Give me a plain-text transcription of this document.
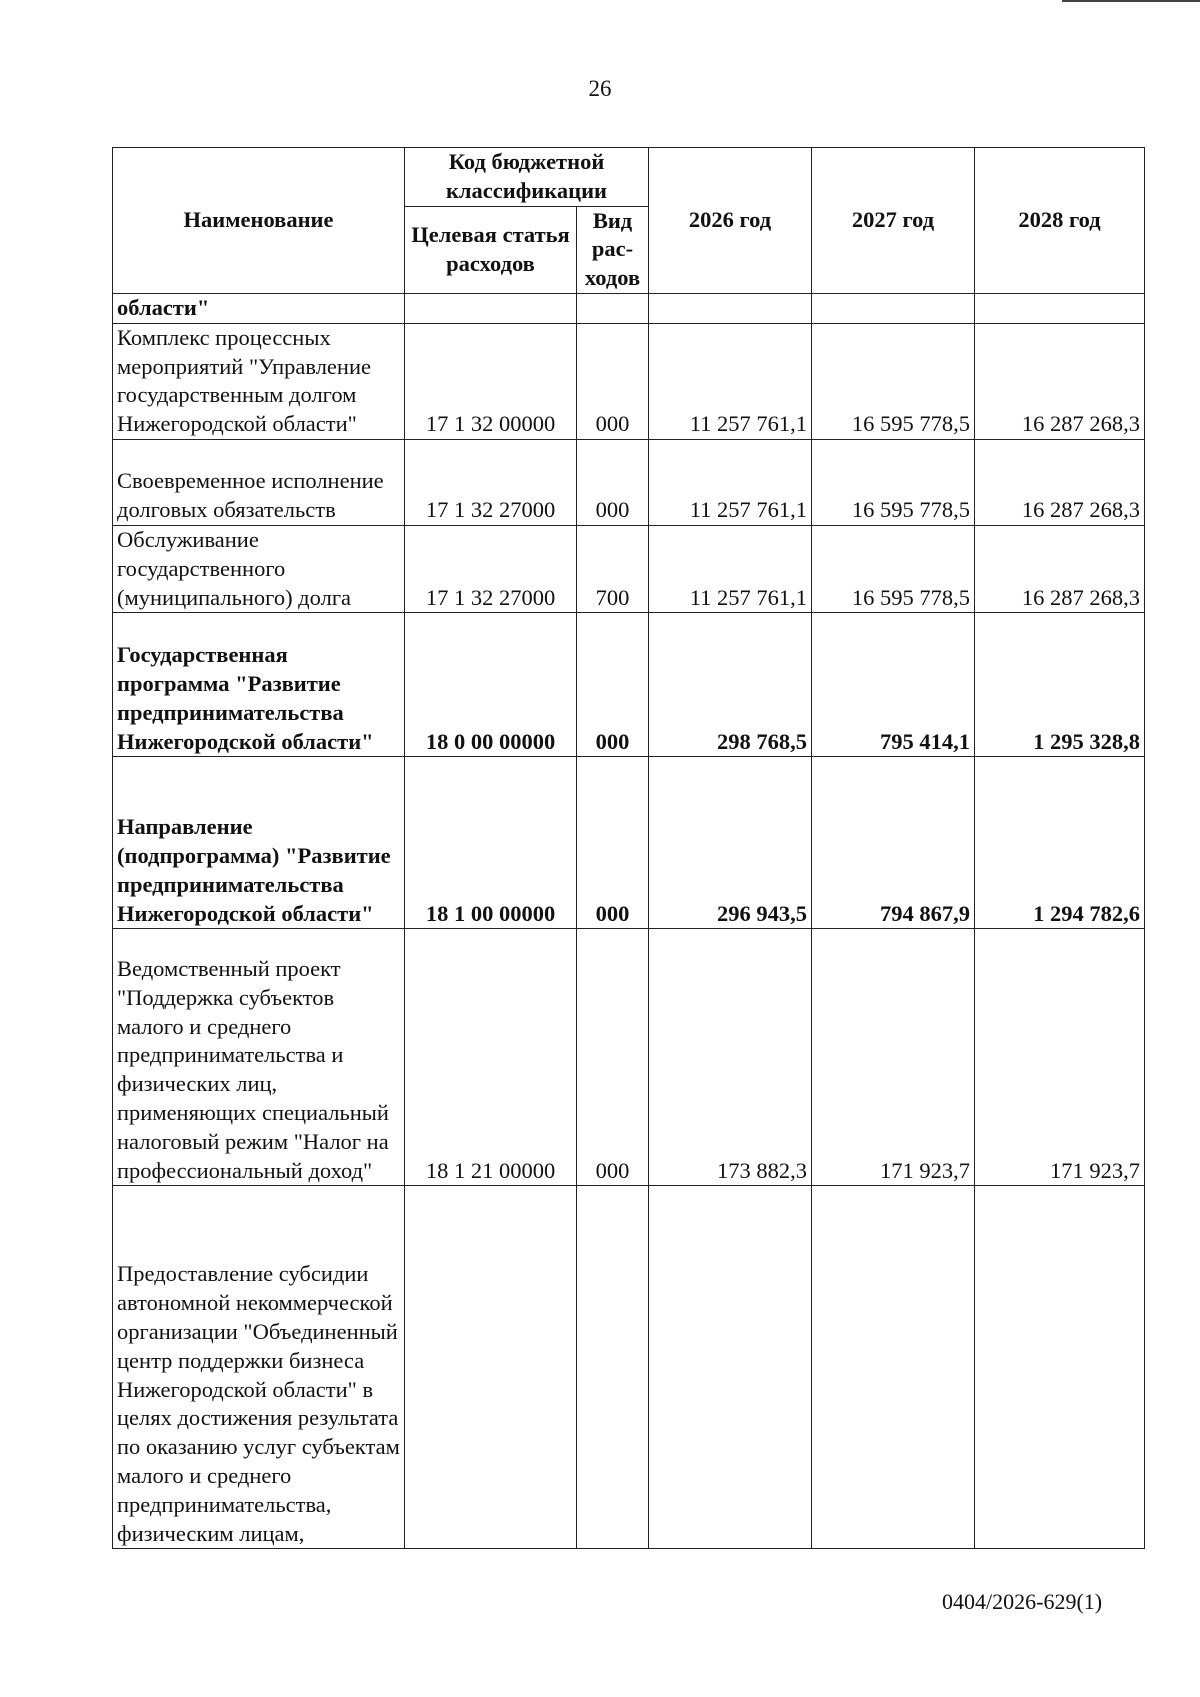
26
Наименование	Код бюджетной классификации		2026 год	2027 год	2028 год
	Целевая статья расходов	Вид рас-ходов			
области"					
Комплекс процессных мероприятий "Управление государственным долгом Нижегородской области"	17 1 32 00000	000	11 257 761,1	16 595 778,5	16 287 268,3
Своевременное исполнение долговых обязательств	17 1 32 27000	000	11 257 761,1	16 595 778,5	16 287 268,3
Обслуживание государственного (муниципального) долга	17 1 32 27000	700	11 257 761,1	16 595 778,5	16 287 268,3
Государственная программа "Развитие предпринимательства Нижегородской области"	18 0 00 00000	000	298 768,5	795 414,1	1 295 328,8
Направление (подпрограмма) "Развитие предпринимательства Нижегородской области"	18 1 00 00000	000	296 943,5	794 867,9	1 294 782,6
Ведомственный проект "Поддержка субъектов малого и среднего предпринимательства и физических лиц, применяющих специальный налоговый режим "Налог на профессиональный доход"	18 1 21 00000	000	173 882,3	171 923,7	171 923,7
Предоставление субсидии автономной некоммерческой организации "Объединенный центр поддержки бизнеса Нижегородской области" в целях достижения результата по оказанию услуг субъектам малого и среднего предпринимательства, физическим лицам,					
0404/2026-629(1)
